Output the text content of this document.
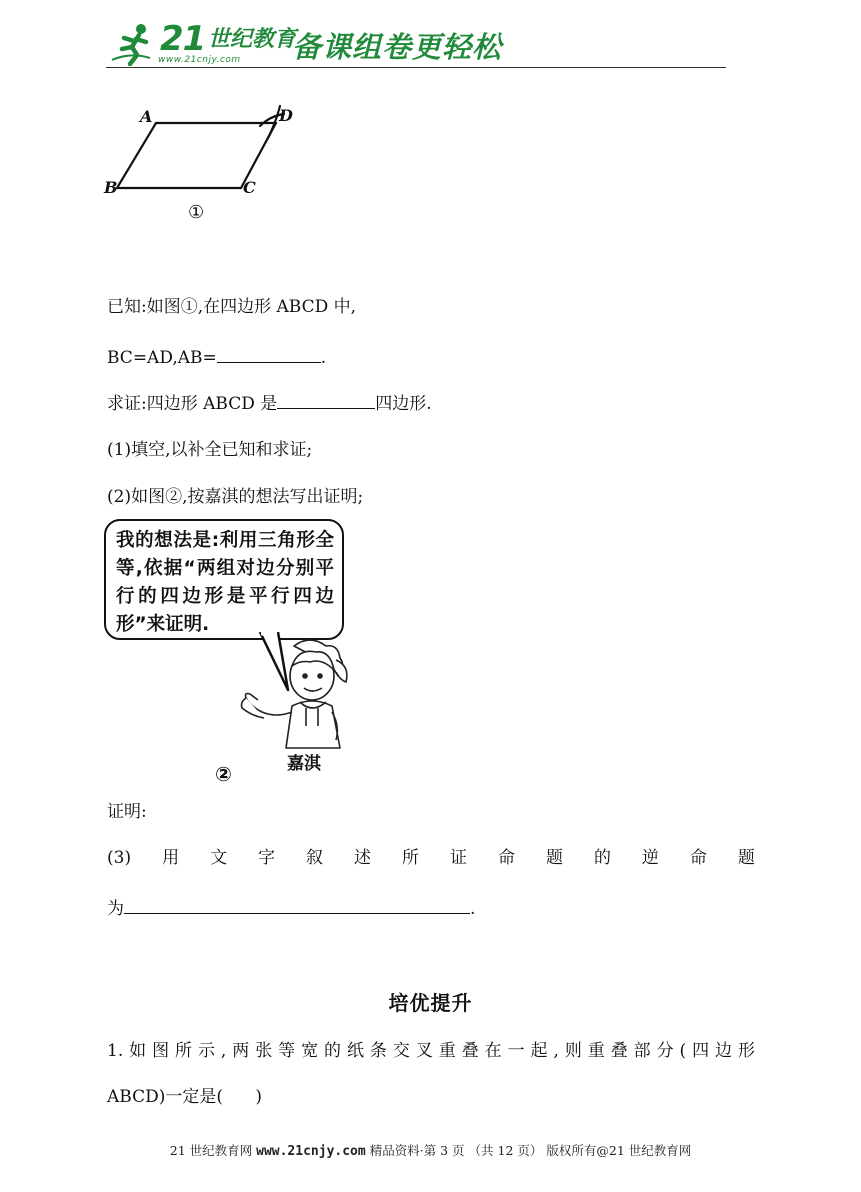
21 世纪教育
www.21cnjy.com 备课组卷更轻松
A
B	C
D
①
已知:如图①,在四边形 ABCD 中,
BC=AD,AB=	.
求证:四边形 ABCD 是	四边形.
(1)填空,以补全已知和求证;
(2)如图②,按嘉淇的想法写出证明;
我的想法是:利用三角形全等,依据“两组对边分别平行的四边形是平行四边形”来证明.
嘉淇
②
证明:
(3) 用 文 字 叙 述 所 证 命 题 的 逆 命 题
为	.
培优提升
1.如图所示,两张等宽的纸条交叉重叠在一起,则重叠部分(四边形
ABCD)一定是(      )
21 世纪教育网 www.21cnjy.com 精品资料·第 3 页 （共 12 页） 版权所有@21 世纪教育网
